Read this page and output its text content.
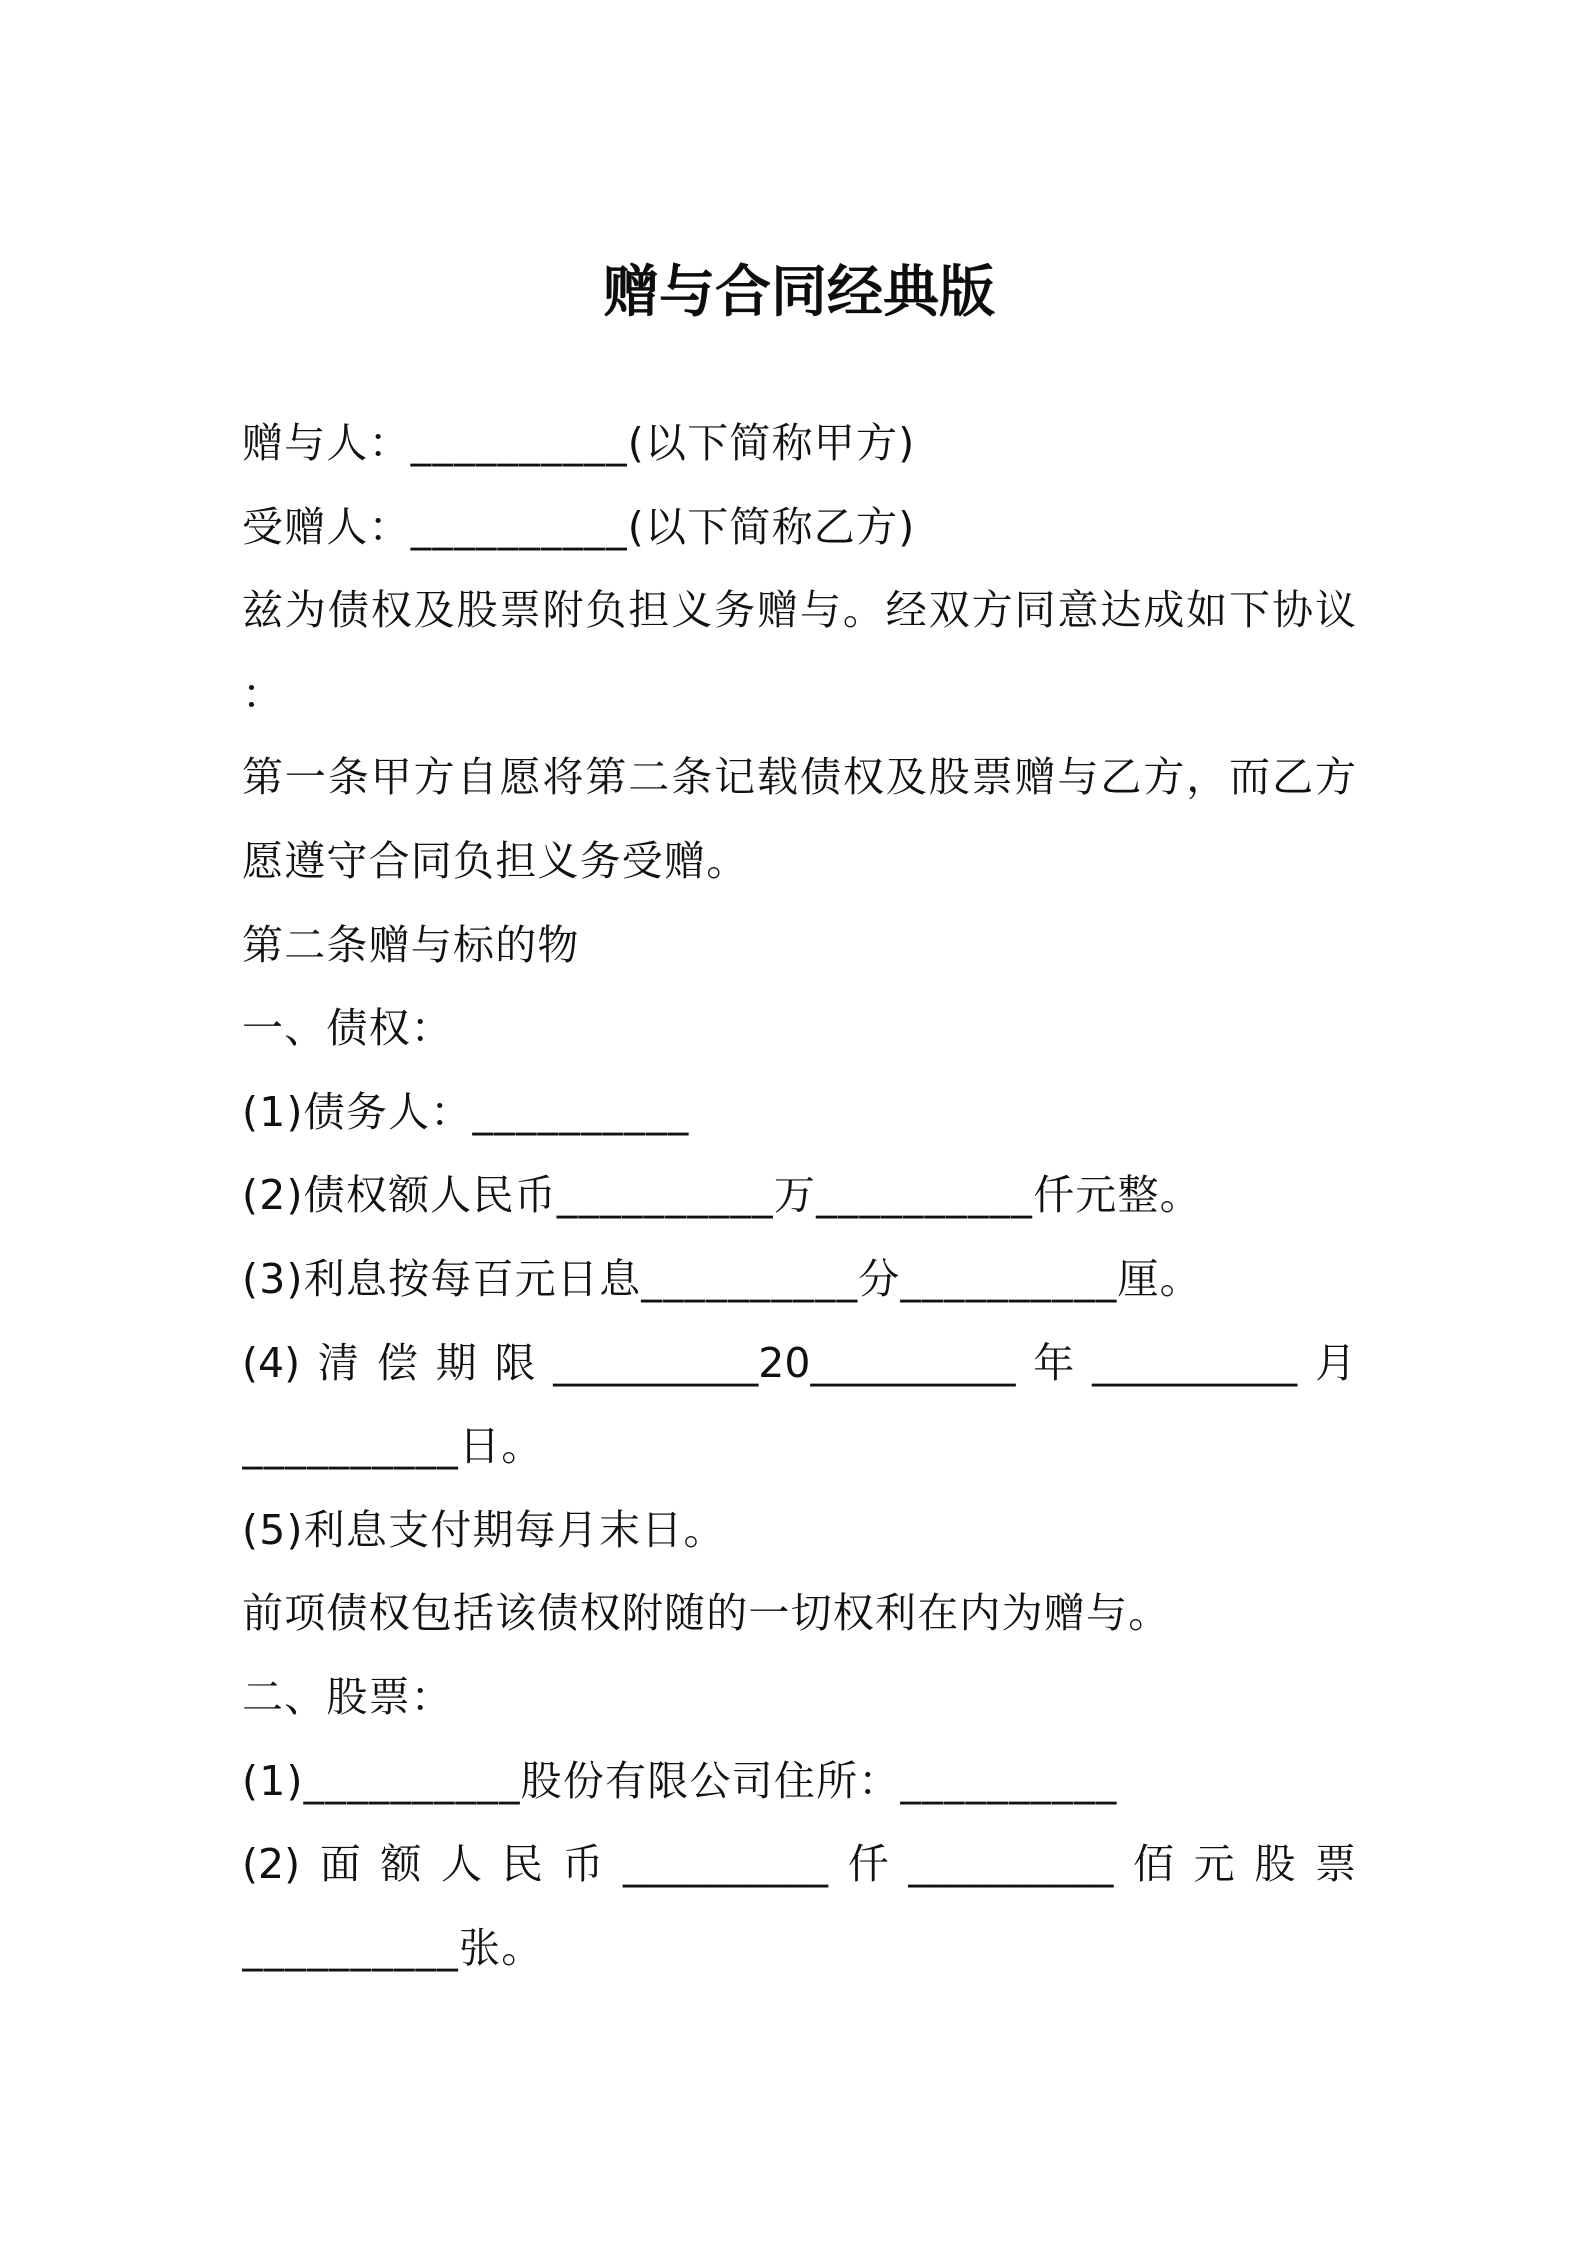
赠与合同经典版
赠与人：__________(以下简称甲方)
受赠人：__________(以下简称乙方)
兹为债权及股票附负担义务赠与。经双方同意达成如下协议
：
第一条甲方自愿将第二条记载债权及股票赠与乙方，而乙方
愿遵守合同负担义务受赠。
第二条赠与标的物
一、债权：
(1)债务人：__________
(2)债权额人民币__________万__________仟元整。
(3)利息按每百元日息__________分__________厘。
(4)清偿期限__________20__________年__________月
__________日。
(5)利息支付期每月末日。
前项债权包括该债权附随的一切权利在内为赠与。
二、股票：
(1)__________股份有限公司住所：__________
(2)面额人民币__________仟__________佰元股票
__________张。
